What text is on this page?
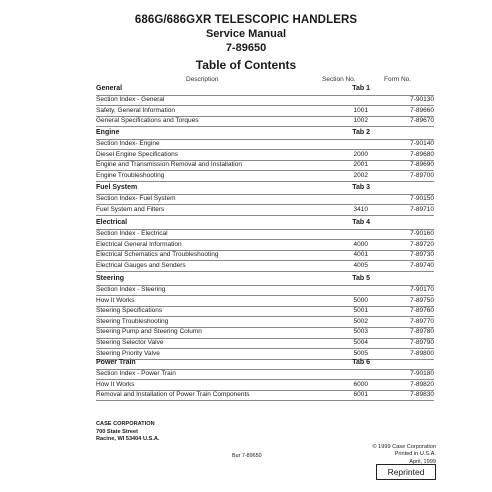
686G/686GXR TELESCOPIC HANDLERS
Service Manual
7-89650
Table of Contents
Description	Section No.	Form No.
General	Tab 1
Section Index - General	7-90130
Safety, General Information	1001	7-89660
General Specifications and Torques	1002	7-89670
Engine	Tab 2
Section Index- Engine	7-90140
Diesel Engine Specifications	2000	7-89680
Engine and Transmission Removal and Installation	2001	7-89690
Engine Troubleshooting	2002	7-89700
Fuel System	Tab 3
Section Index- Fuel System	7-90150
Fuel System and Filters	3410	7-89710
Electrical	Tab 4
Section Index - Electrical	7-90160
Electrical General Information	4000	7-89720
Electrical Schematics and Troubleshooting	4001	7-89730
Electrical Gauges and Senders	4005	7-89740
Steering	Tab 5
Section Index - Steering	7-90170
How It Works	5000	7-89750
Steering Specifications	5001	7-89760
Steering Troubleshooting	5002	7-89770
Steering Pump and Steering Column	5003	7-89780
Steering Selector Valve	5004	7-89790
Steering Priority Valve	5005	7-89800
Power Train	Tab 6
Section Index - Power Train	7-90180
How It Works	6000	7-89820
Removal and Installation of Power Train Components	6001	7-89830
CASE CORPORATION
700 State Street
Racine, WI 53404 U.S.A.
Bur 7-89650
© 1999 Case Corporation
Printed in U.S.A.
April, 1999
Reprinted
